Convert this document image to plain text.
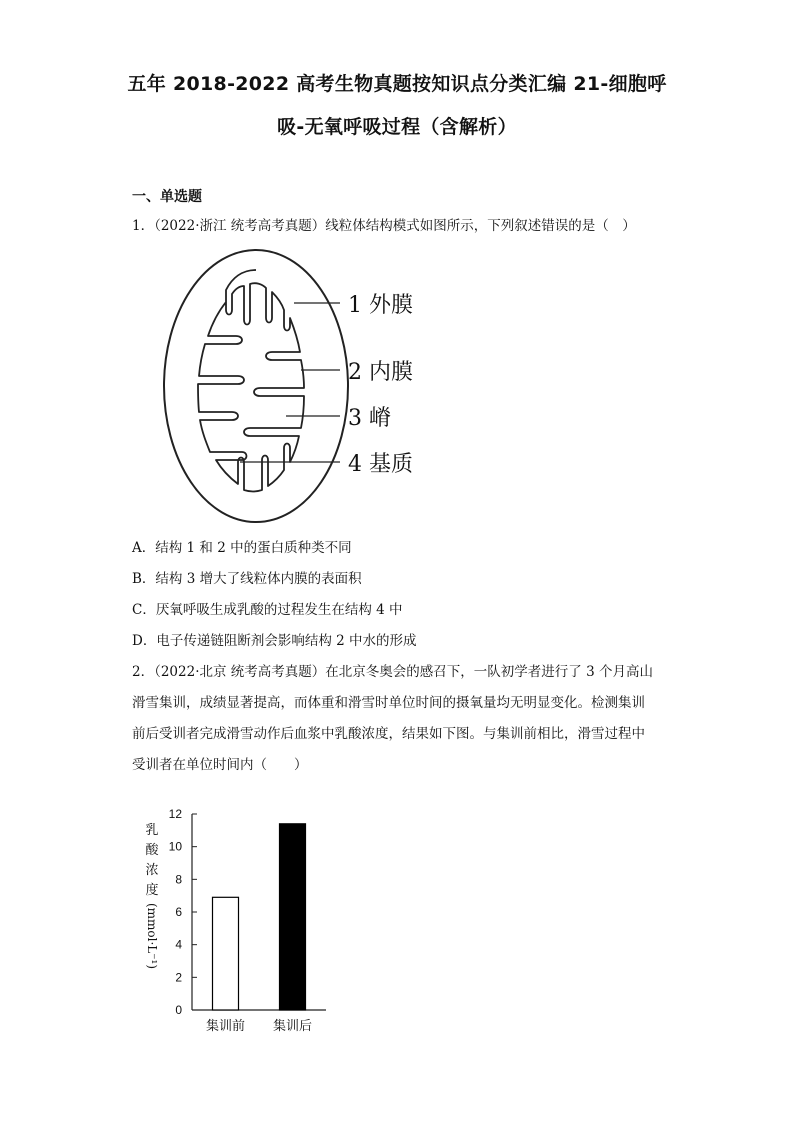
五年 2018-2022 高考生物真题按知识点分类汇编 21-细胞呼
吸-无氧呼吸过程（含解析）
一、单选题
1．（2022·浙江 统考高考真题）线粒体结构模式如图所示，下列叙述错误的是（　）
1 外膜
2 内膜
3 嵴
4 基质
A．结构 1 和 2 中的蛋白质种类不同
B．结构 3 增大了线粒体内膜的表面积
C．厌氧呼吸生成乳酸的过程发生在结构 4 中
D．电子传递链阻断剂会影响结构 2 中水的形成
2．（2022·北京 统考高考真题）在北京冬奥会的感召下，一队初学者进行了 3 个月高山
滑雪集训，成绩显著提高，而体重和滑雪时单位时间的摄氧量均无明显变化。检测集训
前后受训者完成滑雪动作后血浆中乳酸浓度，结果如下图。与集训前相比，滑雪过程中
受训者在单位时间内（　　）
0
2
4
6
8
10
12
集训前 集训后
乳
酸
浓
度
(mmol·L⁻¹)
